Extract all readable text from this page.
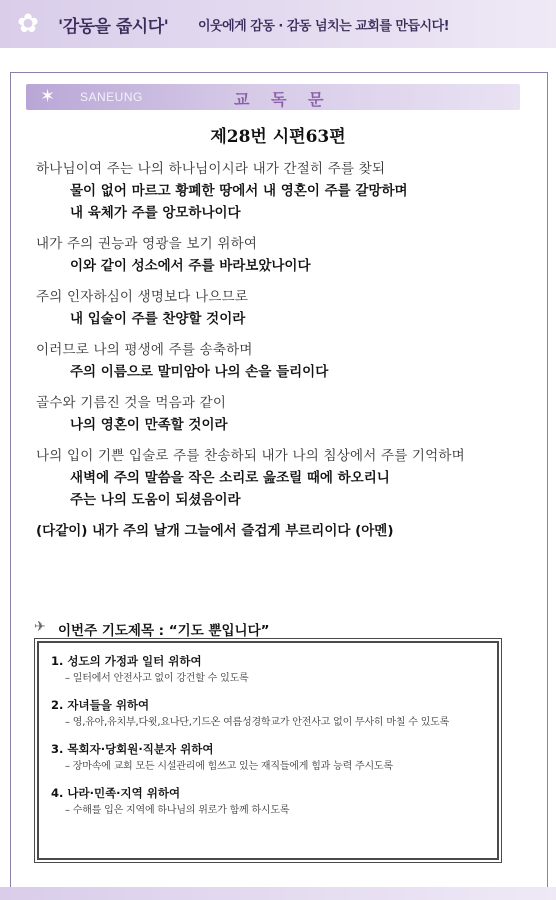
✿	'감동을 줍시다' 이웃에게 감동 · 감동 넘치는 교회를 만듭시다!
✶ SANEUNG	교 독 문
제28번 시편63편
하나님이여 주는 나의 하나님이시라 내가 간절히 주를 찾되
물이 없어 마르고 황폐한 땅에서 내 영혼이 주를 갈망하며
내 육체가 주를 앙모하나이다
내가 주의 권능과 영광을 보기 위하여
이와 같이 성소에서 주를 바라보았나이다
주의 인자하심이 생명보다 나으므로
내 입술이 주를 찬양할 것이라
이러므로 나의 평생에 주를 송축하며
주의 이름으로 말미암아 나의 손을 들리이다
골수와 기름진 것을 먹음과 같이
나의 영혼이 만족할 것이라
나의 입이 기쁜 입술로 주를 찬송하되 내가 나의 침상에서 주를 기억하며
새벽에 주의 말씀을 작은 소리로 읊조릴 때에 하오리니
주는 나의 도움이 되셨음이라
(다같이) 내가 주의 날개 그늘에서 즐겁게 부르리이다 (아멘)
✈ 이번주 기도제목 : “기도 뿐입니다”
1. 성도의 가정과 일터 위하여
– 일터에서 안전사고 없이 강건할 수 있도록
2. 자녀들을 위하여
– 영,유아,유치부,다윗,요나단,기드온 여름성경학교가 안전사고 없이 무사히 마칠 수 있도록
3. 목회자·당회원·직분자 위하여
– 장마속에 교회 모든 시설관리에 힘쓰고 있는 재직들에게 힘과 능력 주시도록
4. 나라·민족·지역 위하여
– 수해를 입은 지역에 하나님의 위로가 함께 하시도록
